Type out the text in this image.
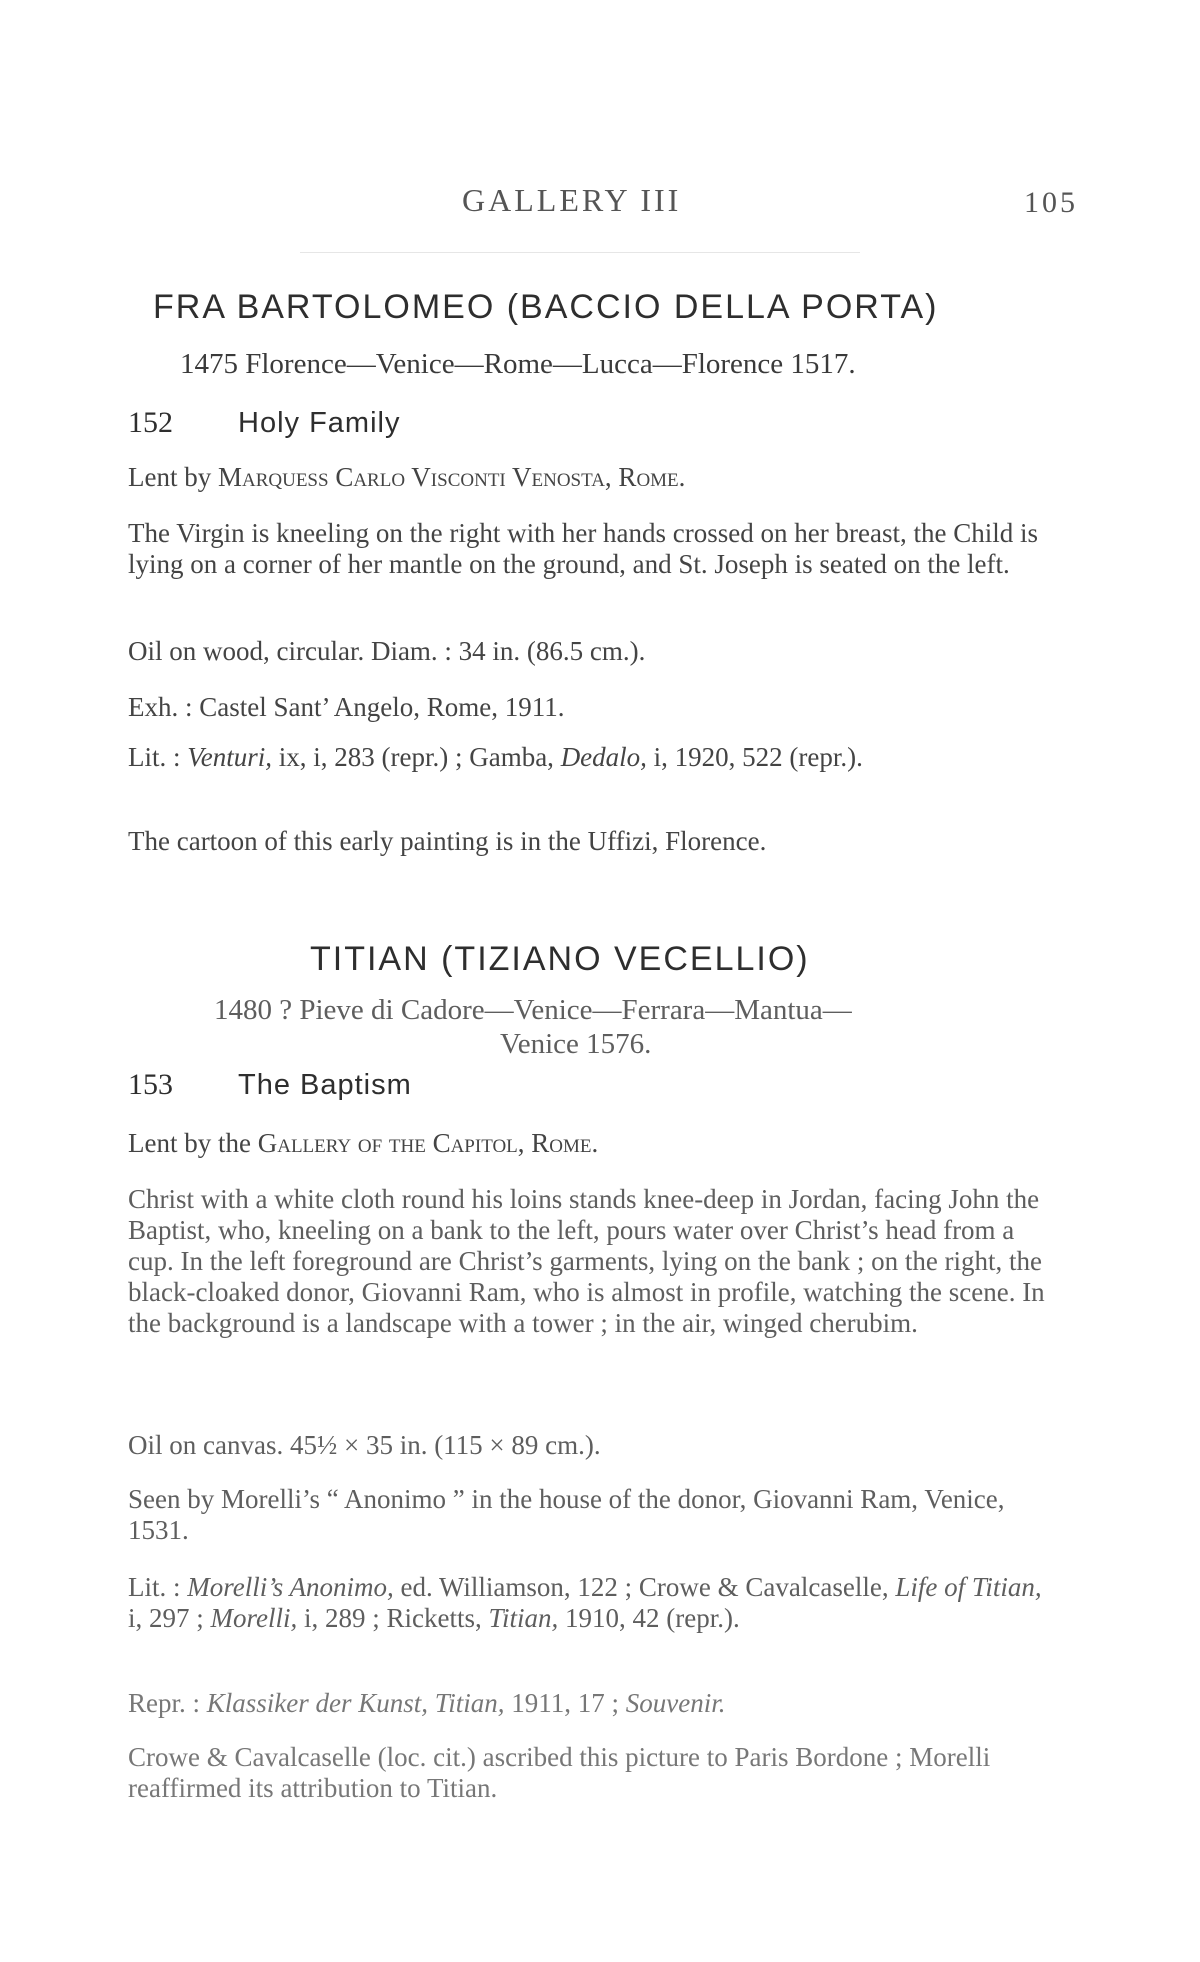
GALLERY III	105
FRA BARTOLOMEO (BACCIO DELLA PORTA)
1475 Florence—Venice—Rome—Lucca—Florence 1517.
152 Holy Family

Lent by Marquess Carlo Visconti Venosta, Rome.

The Virgin is kneeling on the right with her hands crossed on her breast, the Child is lying on a corner of her mantle on the ground, and St. Joseph is seated on the left.

Oil on wood, circular. Diam. : 34 in. (86.5 cm.).

Exh. : Castel Sant’ Angelo, Rome, 1911.

Lit. : Venturi, ix, i, 283 (repr.) ; Gamba, Dedalo, i, 1920, 522 (repr.).

The cartoon of this early painting is in the Uffizi, Florence.

TITIAN (TIZIANO VECELLIO)
1480 ? Pieve di Cadore—Venice—Ferrara—Mantua—
Venice 1576.
153 The Baptism

Lent by the Gallery of the Capitol, Rome.

Christ with a white cloth round his loins stands knee-deep in Jordan, facing John the Baptist, who, kneeling on a bank to the left, pours water over Christ’s head from a cup. In the left foreground are Christ’s garments, lying on the bank ; on the right, the black-cloaked donor, Giovanni Ram, who is almost in profile, watching the scene. In the background is a landscape with a tower ; in the air, winged cherubim.

Oil on canvas. 45½ × 35 in. (115 × 89 cm.).

Seen by Morelli’s “ Anonimo ” in the house of the donor, Giovanni Ram, Venice, 1531.

Lit. : Morelli’s Anonimo, ed. Williamson, 122 ; Crowe & Cavalcaselle, Life of Titian, i, 297 ; Morelli, i, 289 ; Ricketts, Titian, 1910, 42 (repr.).

Repr. : Klassiker der Kunst, Titian, 1911, 17 ; Souvenir.

Crowe & Cavalcaselle (loc. cit.) ascribed this picture to Paris Bordone ; Morelli reaffirmed its attribution to Titian.
